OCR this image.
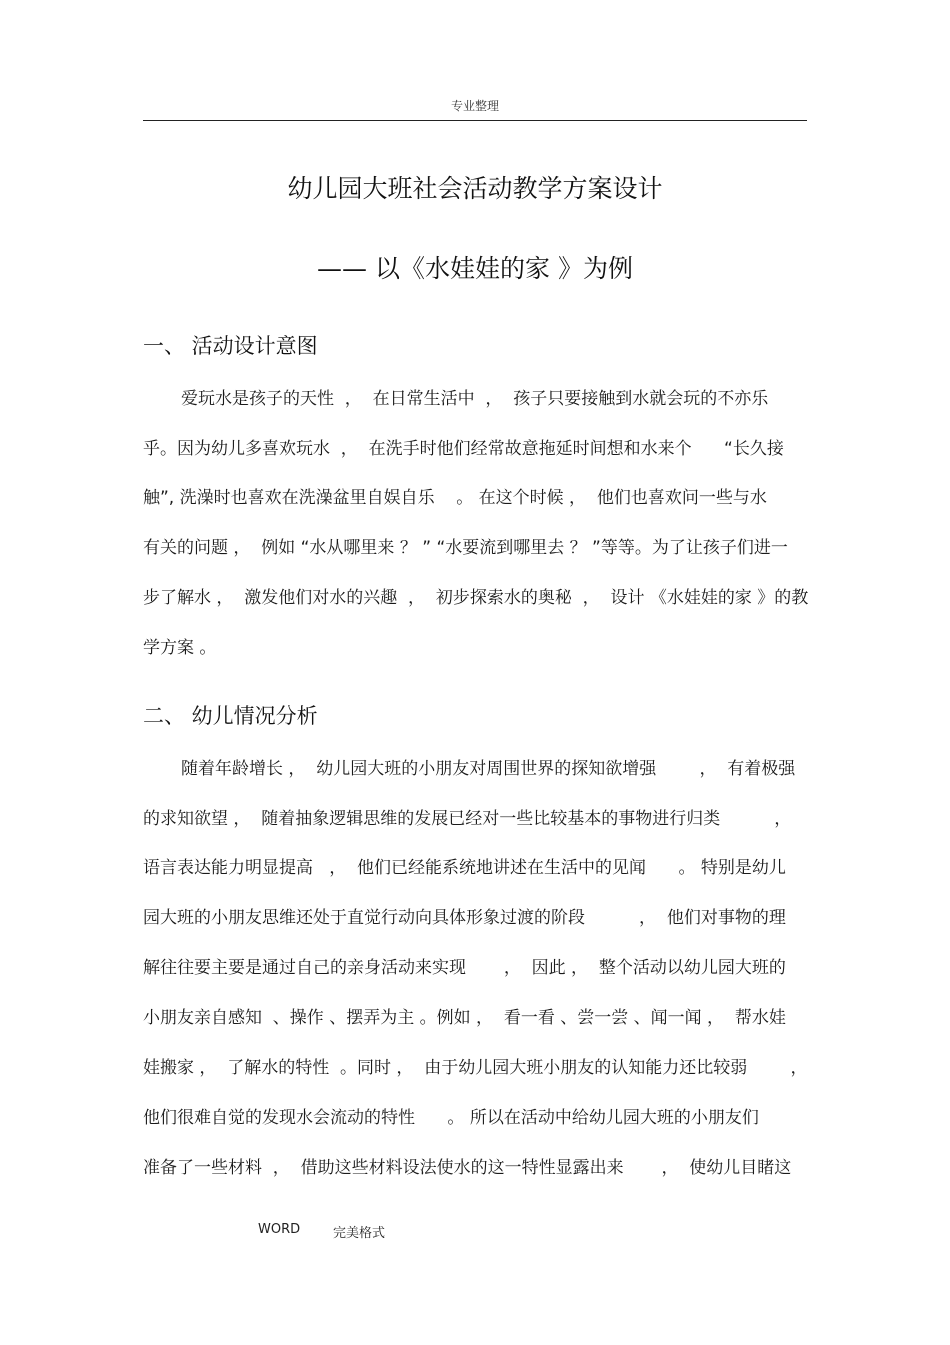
专业整理
幼儿园大班社会活动教学方案设计
—— 以《水娃娃的家 》为例
一、 活动设计意图
爱玩水是孩子的天性  ，  在日常生活中  ，  孩子只要接触到水就会玩的不亦乐
乎。因为幼儿多喜欢玩水  ，  在洗手时他们经常故意拖延时间想和水来个      “长久接
触”, 洗澡时也喜欢在洗澡盆里自娱自乐    。 在这个时候 ，  他们也喜欢问一些与水
有关的问题 ，  例如 “水从哪里来 ？ ” “水要流到哪里去 ？ ”等等。为了让孩子们进一
步了解水 ，  激发他们对水的兴趣  ，  初步探索水的奥秘  ，  设计 《水娃娃的家 》的教
学方案 。
二、 幼儿情况分析
随着年龄增长 ，  幼儿园大班的小朋友对周围世界的探知欲增强        ，  有着极强
的求知欲望 ，  随着抽象逻辑思维的发展已经对一些比较基本的事物进行归类          ，
语言表达能力明显提高   ，  他们已经能系统地讲述在生活中的见闻      。 特别是幼儿
园大班的小朋友思维还处于直觉行动向具体形象过渡的阶段          ，  他们对事物的理
解往往要主要是通过自己的亲身活动来实现       ，  因此 ，  整个活动以幼儿园大班的
小朋友亲自感知  、操作 、摆弄为主 。例如 ，  看一看 、尝一尝 、闻一闻 ，  帮水娃
娃搬家 ，  了解水的特性  。同时 ，  由于幼儿园大班小朋友的认知能力还比较弱        ，
他们很难自觉的发现水会流动的特性      。 所以在活动中给幼儿园大班的小朋友们
准备了一些材料  ，  借助这些材料设法使水的这一特性显露出来       ，  使幼儿目睹这
WORD	完美格式
